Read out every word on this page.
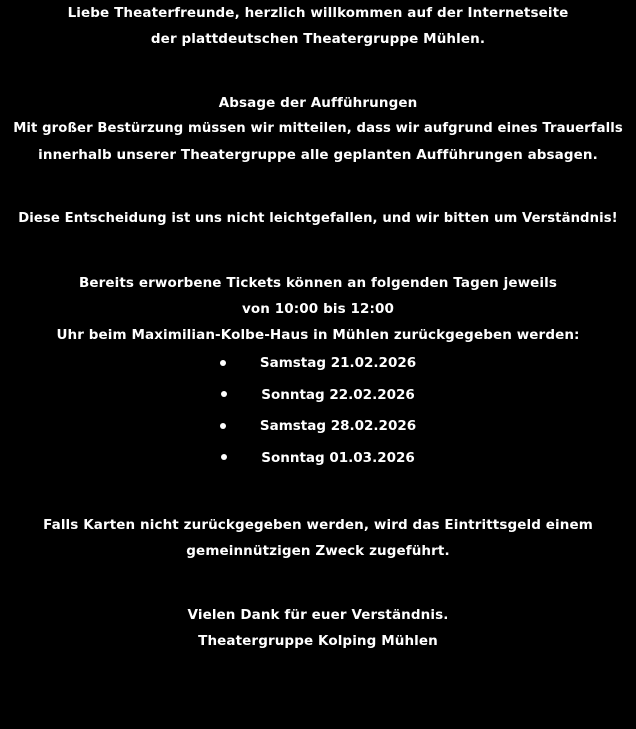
Liebe Theaterfreunde, herzlich willkommen auf der Internetseite
der plattdeutschen Theatergruppe Mühlen.
Absage der Aufführungen
Mit großer Bestürzung müssen wir mitteilen, dass wir aufgrund eines Trauerfalls
innerhalb unserer Theatergruppe alle geplanten Aufführungen absagen.
Diese Entscheidung ist uns nicht leichtgefallen, und wir bitten um Verständnis!
Bereits erworbene Tickets können an folgenden Tagen jeweils
von 10:00 bis 12:00
Uhr beim Maximilian-Kolbe-Haus in Mühlen zurückgegeben werden:
Samstag 21.02.2026
Sonntag 22.02.2026
Samstag 28.02.2026
Sonntag 01.03.2026
Falls Karten nicht zurückgegeben werden, wird das Eintrittsgeld einem
gemeinnützigen Zweck zugeführt.
Vielen Dank für euer Verständnis.
Theatergruppe Kolping Mühlen
